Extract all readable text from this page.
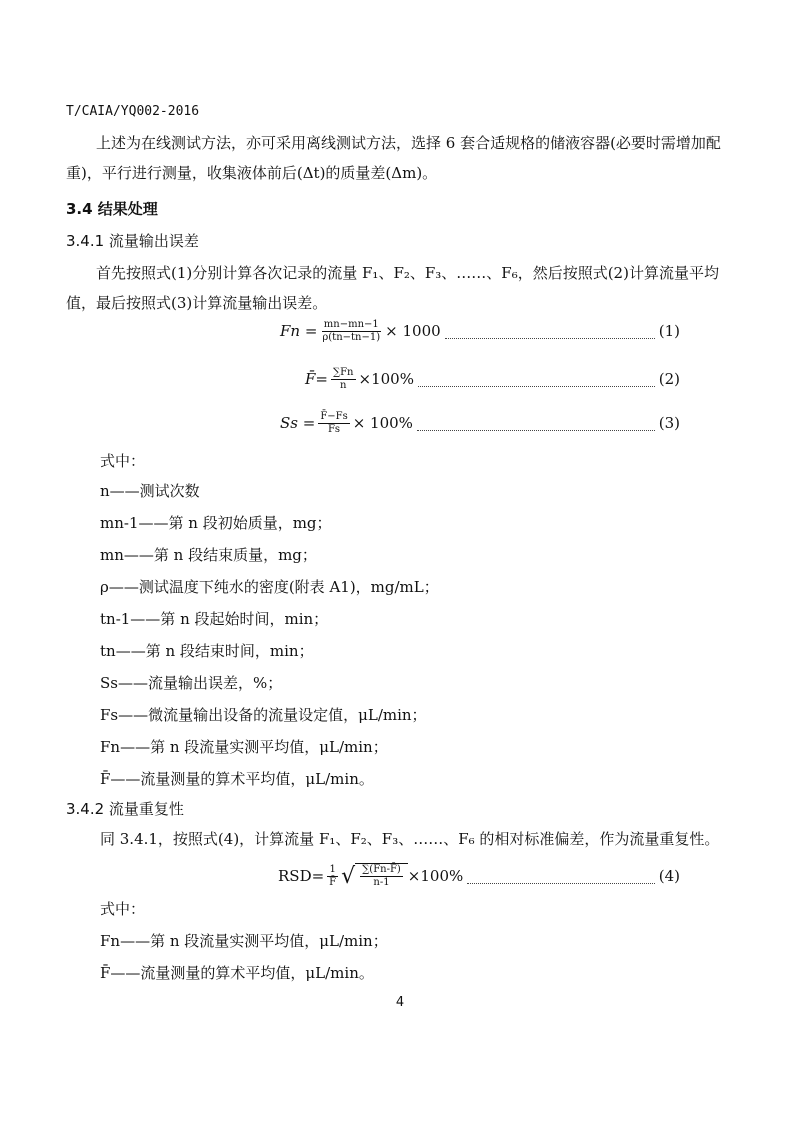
T/CAIA/YQ002-2016
上述为在线测试方法，亦可采用离线测试方法，选择 6 套合适规格的储液容器(必要时需增加配重)，平行进行测量，收集液体前后(Δt)的质量差(Δm)。
3.4 结果处理
3.4.1 流量输出误差
首先按照式(1)分别计算各次记录的流量 F₁、F₂、F₃、……、F₆，然后按照式(2)计算流量平均值，最后按照式(3)计算流量输出误差。
$Fn = \frac{mn-mn-1}{\rho(tn-tn-1)} \times 1000$	(1)
F̄= $\frac{\sum Fn}{n} \times 100\%$	(2)
$Ss = \frac{F̄-Fs}{Fs} \times 100\%$	(3)
式中：
n——测试次数
mn-1——第 n 段初始质量，mg；
mn——第 n 段结束质量，mg；
ρ——测试温度下纯水的密度(附表 A1)，mg/mL；
tn-1——第 n 段起始时间，min；
tn——第 n 段结束时间，min；
Ss——流量输出误差，%；
Fs——微流量输出设备的流量设定值，μL/min；
Fn——第 n 段流量实测平均值，μL/min；
F̄——流量测量的算术平均值，μL/min。
3.4.2 流量重复性
同 3.4.1，按照式(4)，计算流量 F₁、F₂、F₃、……、F₆ 的相对标准偏差，作为流量重复性。
$RSD= \frac{1}{F̄}$ √ $\frac{\sum(Fn-F̄)}{n-1} \times 100\%$	(4)
式中：
Fn——第 n 段流量实测平均值，μL/min；
F̄——流量测量的算术平均值，μL/min。
4
